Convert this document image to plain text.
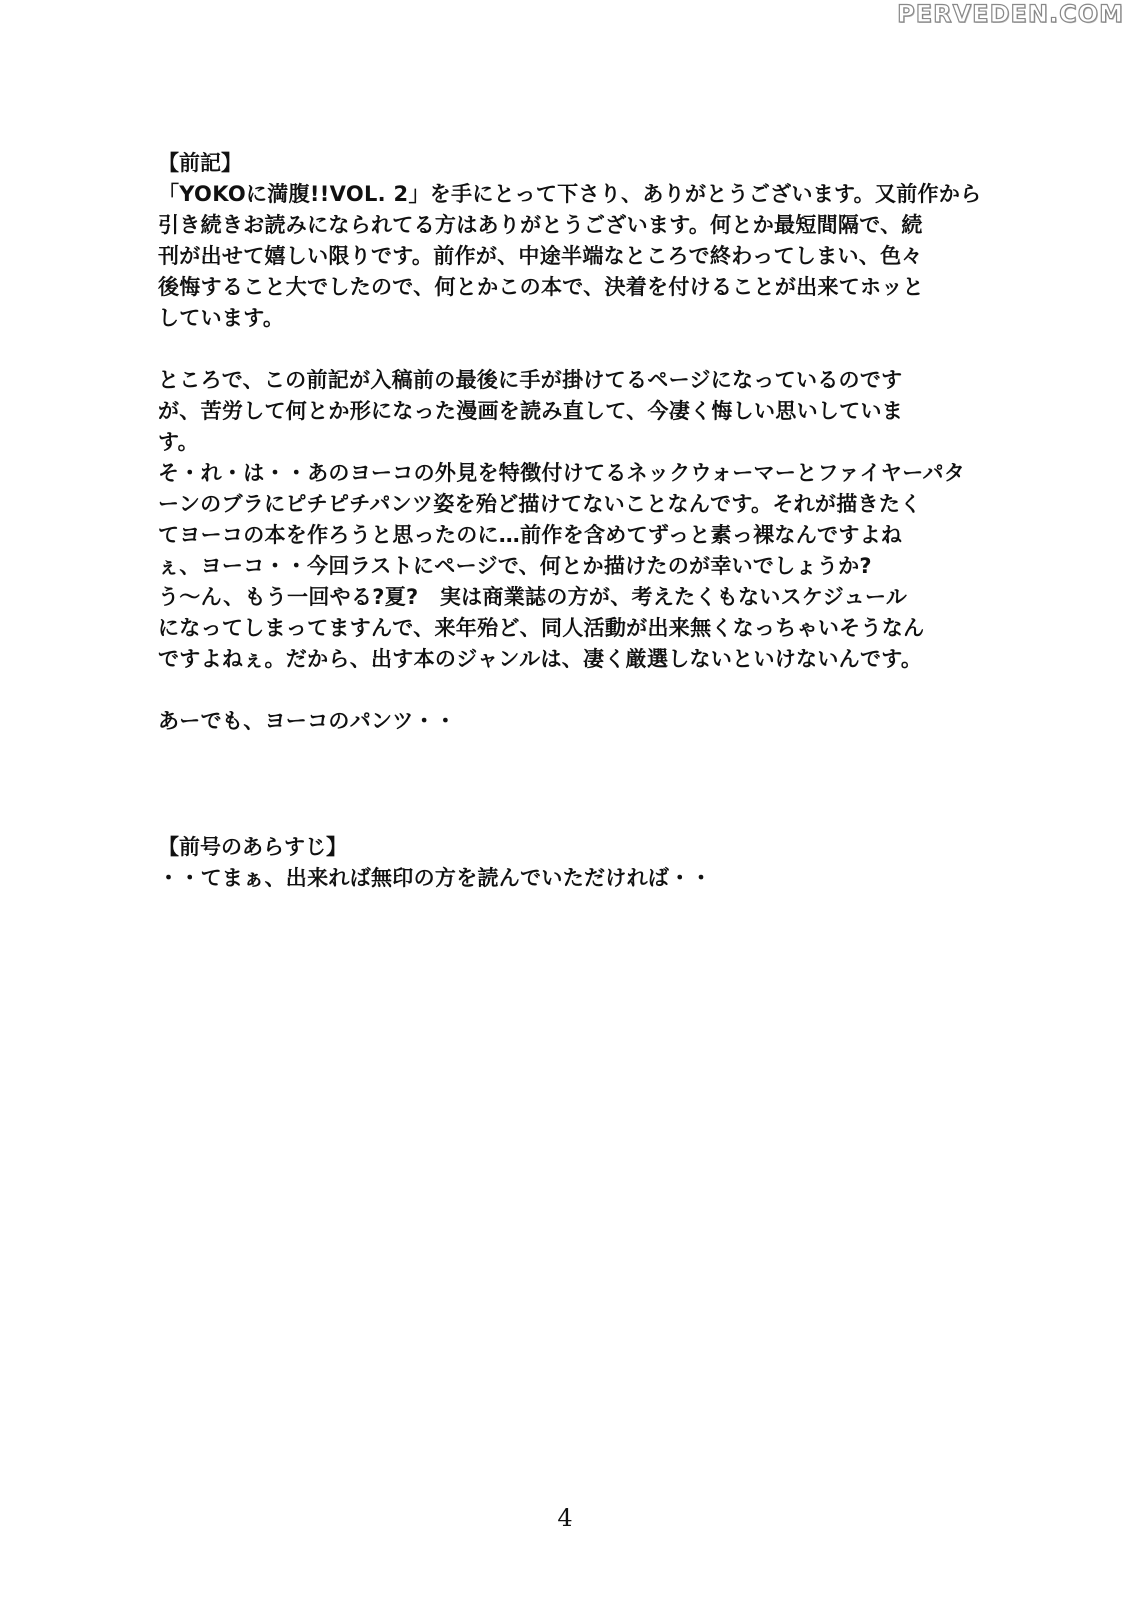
PERVEDEN.COM
【前記】
「YOKOに満腹!!VOL. 2」を手にとって下さり、ありがとうございます。又前作から
引き続きお読みになられてる方はありがとうございます。何とか最短間隔で、続
刊が出せて嬉しい限りです。前作が、中途半端なところで終わってしまい、色々
後悔すること大でしたので、何とかこの本で、決着を付けることが出来てホッと
しています。
ところで、この前記が入稿前の最後に手が掛けてるページになっているのです
が、苦労して何とか形になった漫画を読み直して、今凄く悔しい思いしていま
す。
そ・れ・は・・あのヨーコの外見を特徴付けてるネックウォーマーとファイヤーパタ
ーンのブラにピチピチパンツ姿を殆ど描けてないことなんです。それが描きたく
てヨーコの本を作ろうと思ったのに…前作を含めてずっと素っ裸なんですよね
ぇ、ヨーコ・・今回ラストにページで、何とか描けたのが幸いでしょうか?
う～ん、もう一回やる?夏?　実は商業誌の方が、考えたくもないスケジュール
になってしまってますんで、来年殆ど、同人活動が出来無くなっちゃいそうなん
ですよねぇ。だから、出す本のジャンルは、凄く厳選しないといけないんです。
あーでも、ヨーコのパンツ・・
【前号のあらすじ】
・・てまぁ、出来れば無印の方を読んでいただければ・・
4
